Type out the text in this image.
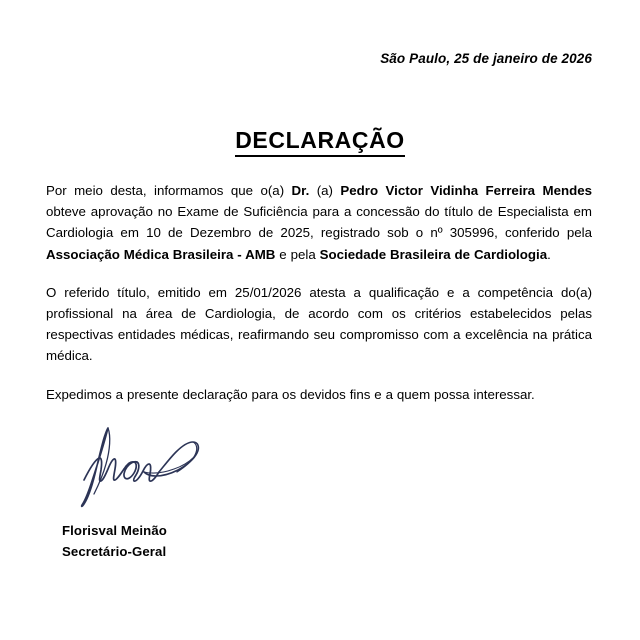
São Paulo, 25 de janeiro de 2026
DECLARAÇÃO

Por meio desta, informamos que o(a) Dr. (a) Pedro Victor Vidinha Ferreira Mendes obteve aprovação no Exame de Suficiência para a concessão do título de Especialista em Cardiologia em 10 de Dezembro de 2025, registrado sob o nº 305996, conferido pela Associação Médica Brasileira - AMB e pela Sociedade Brasileira de Cardiologia.

O referido título, emitido em 25/01/2026 atesta a qualificação e a competência do(a) profissional na área de Cardiologia, de acordo com os critérios estabelecidos pelas respectivas entidades médicas, reafirmando seu compromisso com a excelência na prática médica.

Expedimos a presente declaração para os devidos fins e a quem possa interessar.

Florisval Meinão
Secretário-Geral
